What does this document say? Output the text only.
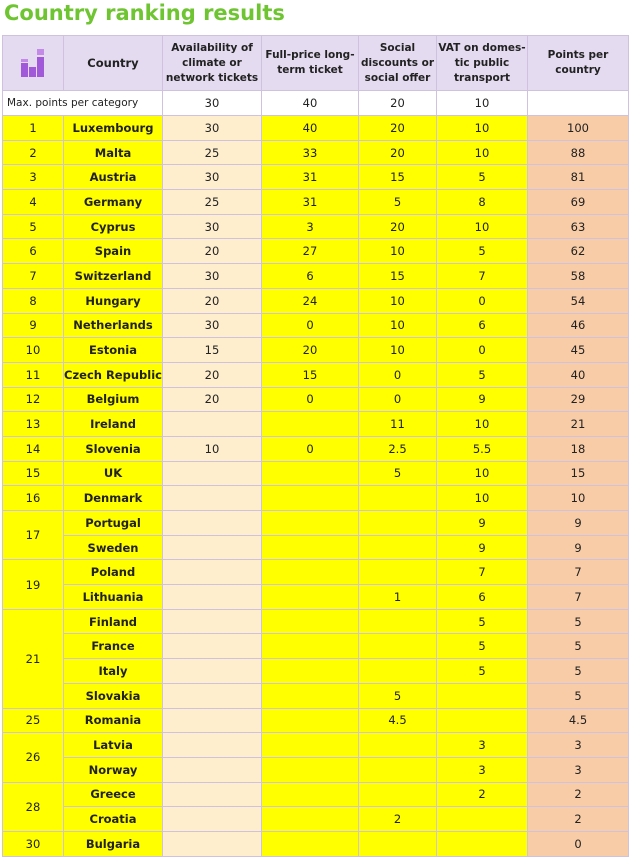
Country ranking results
	Country	Availability of climate or network tickets	Full-price long-term ticket	Social discounts or social offer	VAT on domes-tic public transport	Points per country
Max. points per category		30	40	20	10	
1	Luxembourg	30	40	20	10	100
2	Malta	25	33	20	10	88
3	Austria	30	31	15	5	81
4	Germany	25	31	5	8	69
5	Cyprus	30	3	20	10	63
6	Spain	20	27	10	5	62
7	Switzerland	30	6	15	7	58
8	Hungary	20	24	10	0	54
9	Netherlands	30	0	10	6	46
10	Estonia	15	20	10	0	45
11	Czech Republic	20	15	0	5	40
12	Belgium	20	0	0	9	29
13	Ireland			11	10	21
14	Slovenia	10	0	2.5	5.5	18
15	UK			5	10	15
16	Denmark				10	10
17	Portugal				9	9
	Sweden				9	9
19	Poland				7	7
	Lithuania			1	6	7
21	Finland				5	5
	France				5	5
	Italy				5	5
	Slovakia			5		5
25	Romania			4.5		4.5
26	Latvia				3	3
	Norway				3	3
28	Greece				2	2
	Croatia			2		2
30	Bulgaria					0
